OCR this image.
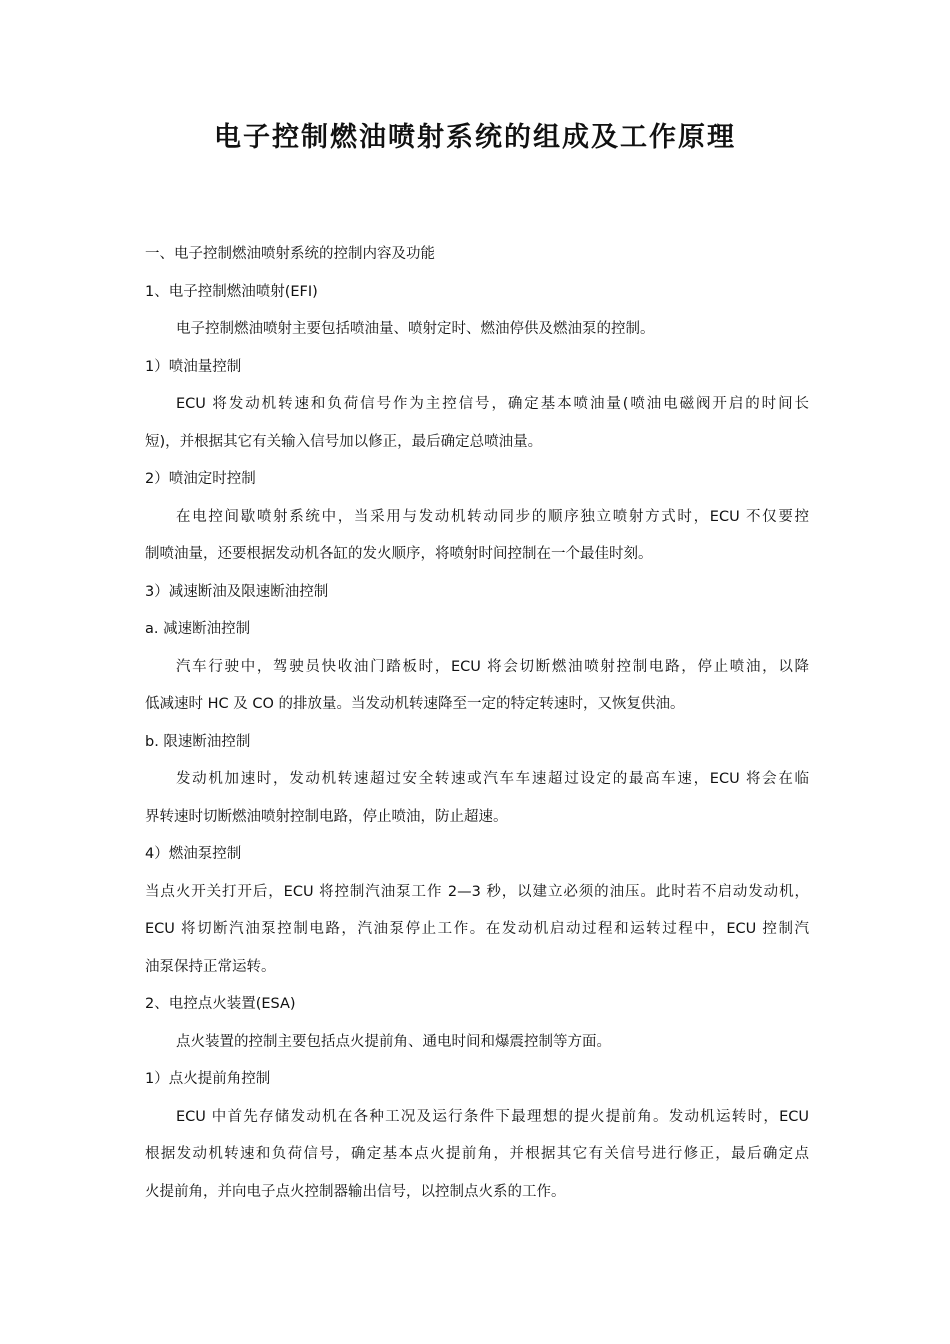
电子控制燃油喷射系统的组成及工作原理
一、电子控制燃油喷射系统的控制内容及功能
1、电子控制燃油喷射(EFI)
电子控制燃油喷射主要包括喷油量、喷射定时、燃油停供及燃油泵的控制。
1）喷油量控制
ECU 将发动机转速和负荷信号作为主控信号，确定基本喷油量(喷油电磁阀开启的时间长
短)，并根据其它有关输入信号加以修正，最后确定总喷油量。
2）喷油定时控制
在电控间歇喷射系统中，当采用与发动机转动同步的顺序独立喷射方式时，ECU 不仅要控
制喷油量，还要根据发动机各缸的发火顺序，将喷射时间控制在一个最佳时刻。
3）减速断油及限速断油控制
a. 减速断油控制
汽车行驶中，驾驶员快收油门踏板时，ECU 将会切断燃油喷射控制电路，停止喷油，以降
低减速时 HC 及 CO 的排放量。当发动机转速降至一定的特定转速时，又恢复供油。
b. 限速断油控制
发动机加速时，发动机转速超过安全转速或汽车车速超过设定的最高车速，ECU 将会在临
界转速时切断燃油喷射控制电路，停止喷油，防止超速。
4）燃油泵控制
当点火开关打开后，ECU 将控制汽油泵工作 2—3 秒，以建立必须的油压。此时若不启动发动机，
ECU 将切断汽油泵控制电路，汽油泵停止工作。在发动机启动过程和运转过程中，ECU 控制汽
油泵保持正常运转。
2、电控点火装置(ESA)
点火装置的控制主要包括点火提前角、通电时间和爆震控制等方面。
1）点火提前角控制
ECU 中首先存储发动机在各种工况及运行条件下最理想的提火提前角。发动机运转时，ECU
根据发动机转速和负荷信号，确定基本点火提前角，并根据其它有关信号进行修正，最后确定点
火提前角，并向电子点火控制器输出信号，以控制点火系的工作。
